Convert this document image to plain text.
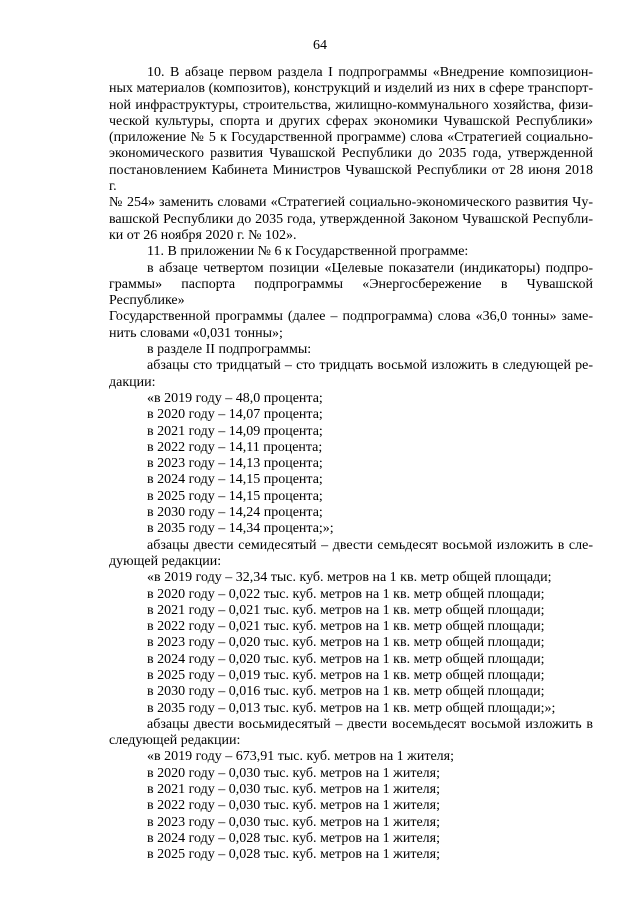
64
10. В абзаце первом раздела I подпрограммы «Внедрение композицион-
ных материалов (композитов), конструкций и изделий из них в сфере транспорт-
ной инфраструктуры, строительства, жилищно-коммунального хозяйства, физи-
ческой культуры, спорта и других сферах экономики Чувашской Республики»
(приложение № 5 к Государственной программе) слова «Стратегией социально-
экономического развития Чувашской Республики до 2035 года, утвержденной
постановлением Кабинета Министров Чувашской Республики от 28 июня 2018 г.
№ 254» заменить словами «Стратегией социально-экономического развития Чу-
вашской Республики до 2035 года, утвержденной Законом Чувашской Республи-
ки от 26 ноября 2020 г. № 102».
11. В приложении № 6 к Государственной программе:
в абзаце четвертом позиции «Целевые показатели (индикаторы) подпро-
граммы» паспорта подпрограммы «Энергосбережение в Чувашской Республике»
Государственной программы (далее – подпрограмма) слова «36,0 тонны» заме-
нить словами «0,031 тонны»;
в разделе II подпрограммы:
абзацы сто тридцатый – сто тридцать восьмой изложить в следующей ре-
дакции:
«в 2019 году – 48,0 процента;
в 2020 году – 14,07 процента;
в 2021 году – 14,09 процента;
в 2022 году – 14,11 процента;
в 2023 году – 14,13 процента;
в 2024 году – 14,15 процента;
в 2025 году – 14,15 процента;
в 2030 году – 14,24 процента;
в 2035 году – 14,34 процента;»;
абзацы двести семидесятый – двести семьдесят восьмой изложить в сле-
дующей редакции:
«в 2019 году – 32,34 тыс. куб. метров на 1 кв. метр общей площади;
в 2020 году – 0,022 тыс. куб. метров на 1 кв. метр общей площади;
в 2021 году – 0,021 тыс. куб. метров на 1 кв. метр общей площади;
в 2022 году – 0,021 тыс. куб. метров на 1 кв. метр общей площади;
в 2023 году – 0,020 тыс. куб. метров на 1 кв. метр общей площади;
в 2024 году – 0,020 тыс. куб. метров на 1 кв. метр общей площади;
в 2025 году – 0,019 тыс. куб. метров на 1 кв. метр общей площади;
в 2030 году – 0,016 тыс. куб. метров на 1 кв. метр общей площади;
в 2035 году – 0,013 тыс. куб. метров на 1 кв. метр общей площади;»;
абзацы двести восьмидесятый – двести восемьдесят восьмой изложить в
следующей редакции:
«в 2019 году – 673,91 тыс. куб. метров на 1 жителя;
в 2020 году – 0,030 тыс. куб. метров на 1 жителя;
в 2021 году – 0,030 тыс. куб. метров на 1 жителя;
в 2022 году – 0,030 тыс. куб. метров на 1 жителя;
в 2023 году – 0,030 тыс. куб. метров на 1 жителя;
в 2024 году – 0,028 тыс. куб. метров на 1 жителя;
в 2025 году – 0,028 тыс. куб. метров на 1 жителя;
